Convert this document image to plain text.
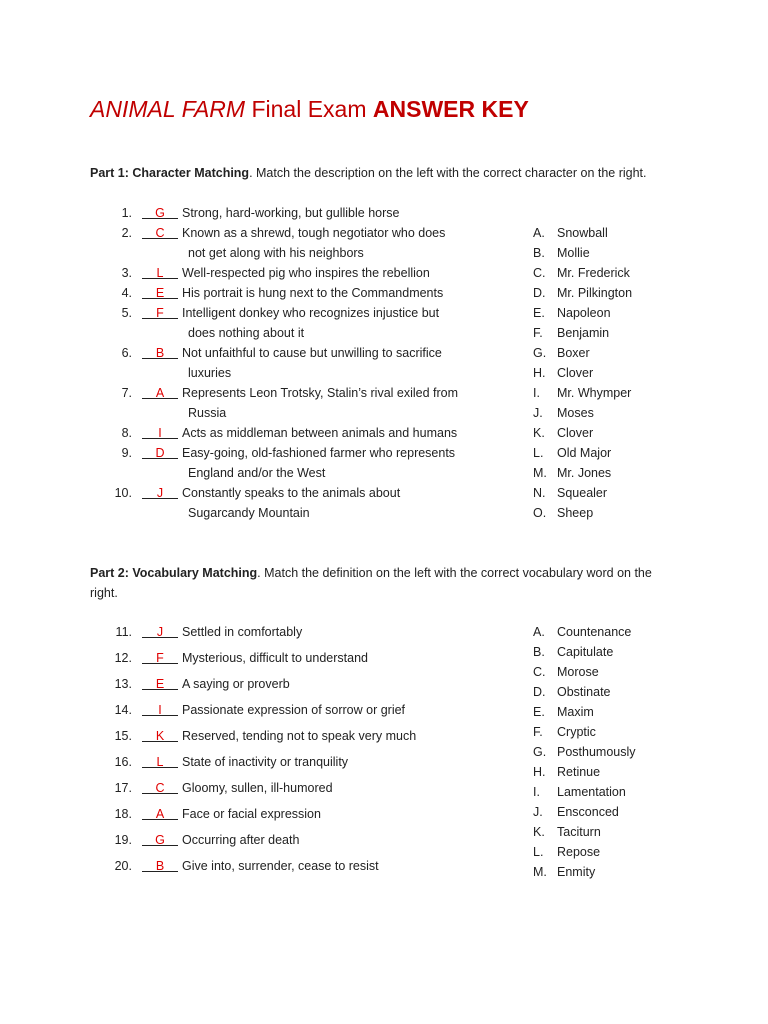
ANIMAL FARM Final Exam ANSWER KEY
Part 1: Character Matching. Match the description on the left with the correct character on the right.
1.	G	Strong, hard-working, but gullible horse
2.	C	Known as a shrewd, tough negotiator who does
not get along with his neighbors
3.	L	Well-respected pig who inspires the rebellion
4.	E	His portrait is hung next to the Commandments
5.	F	Intelligent donkey who recognizes injustice but
does nothing about it
6.	B	Not unfaithful to cause but unwilling to sacrifice
luxuries
7.	A	Represents Leon Trotsky, Stalin’s rival exiled from
Russia
8.	I	Acts as middleman between animals and humans
9.	D	Easy-going, old-fashioned farmer who represents
England and/or the West
10.	J	Constantly speaks to the animals about
Sugarcandy Mountain
A. Snowball
B. Mollie
C. Mr. Frederick
D. Mr. Pilkington
E. Napoleon
F.	Benjamin
G. Boxer
H. Clover
I.	Mr. Whymper
J.	Moses
K. Clover
L.	Old Major
M. Mr. Jones
N. Squealer
O. Sheep
Part 2: Vocabulary Matching. Match the definition on the left with the correct vocabulary word on the right.
11.	J	Settled in comfortably
12.	F	Mysterious, difficult to understand
13.	E	A saying or proverb
14.	I	Passionate expression of sorrow or grief
15.	K	Reserved, tending not to speak very much
16.	L	State of inactivity or tranquility
17.	C	Gloomy, sullen, ill-humored
18.	A	Face or facial expression
19.	G	Occurring after death
20.	B	Give into, surrender, cease to resist
A. Countenance
B. Capitulate
C. Morose
D. Obstinate
E. Maxim
F.	Cryptic
G. Posthumously
H. Retinue
I.	Lamentation
J.	Ensconced
K. Taciturn
L.	Repose
M. Enmity
